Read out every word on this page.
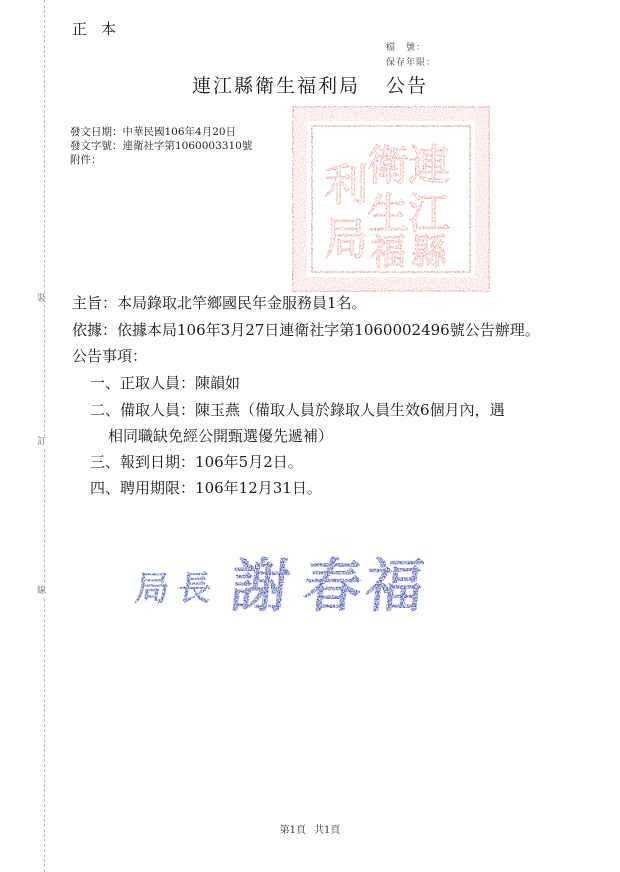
裝
訂
線
正本
檔　號：
保存年限：
連江縣衛生福利局 公告
發文日期：中華民國106年4月20日
發文字號：連衛社字第1060003310號
附件：	連
江
縣
衛
生
福
利
局
主旨：本局錄取北竿鄉國民年金服務員1名。
依據：依據本局106年3月27日連衛社字第1060002496號公告辦理。
公告事項：
一、正取人員：陳韻如
二、備取人員：陳玉燕（備取人員於錄取人員生效6個月內，遇
相同職缺免經公開甄選優先遞補）
三、報到日期：106年5月2日。
四、聘用期限：106年12月31日。
局 長 謝 春
福
第1頁 共1頁
